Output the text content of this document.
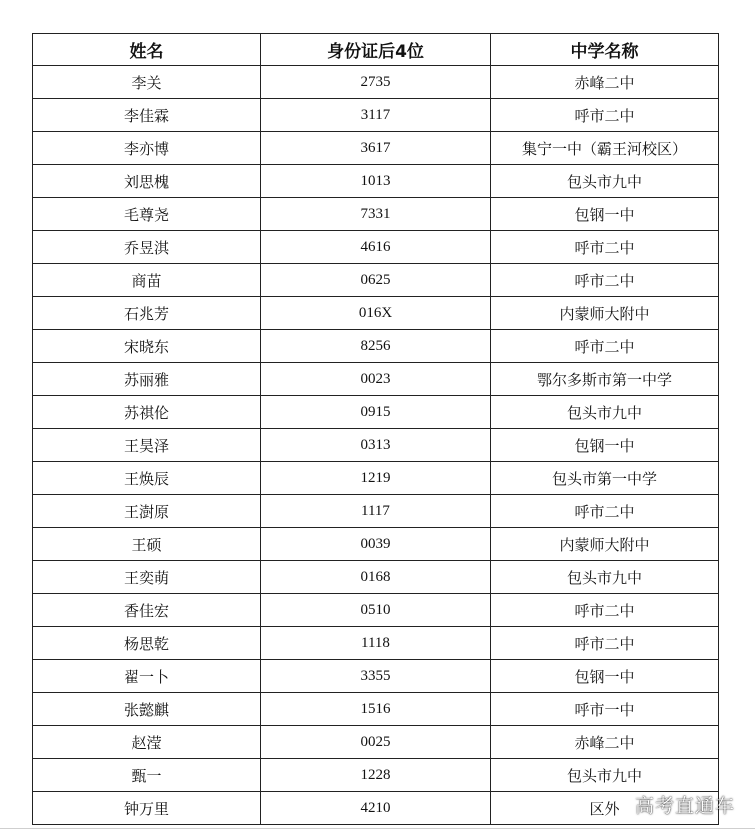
姓名	身份证后4位	中学名称
李关	2735	赤峰二中
李佳霖	3117	呼市二中
李亦博	3617	集宁一中（霸王河校区）
刘思槐	1013	包头市九中
毛尊尧	7331	包钢一中
乔昱淇	4616	呼市二中
商苗	0625	呼市二中
石兆芳	016X	内蒙师大附中
宋晓东	8256	呼市二中
苏丽雅	0023	鄂尔多斯市第一中学
苏祺伦	0915	包头市九中
王昊泽	0313	包钢一中
王焕辰	1219	包头市第一中学
王澍原	1117	呼市二中
王硕	0039	内蒙师大附中
王奕萌	0168	包头市九中
香佳宏	0510	呼市二中
杨思乾	1118	呼市二中
翟一卜	3355	包钢一中
张懿麒	1516	呼市一中
赵滢	0025	赤峰二中
甄一	1228	包头市九中
钟万里	4210	区外 高考直通车
